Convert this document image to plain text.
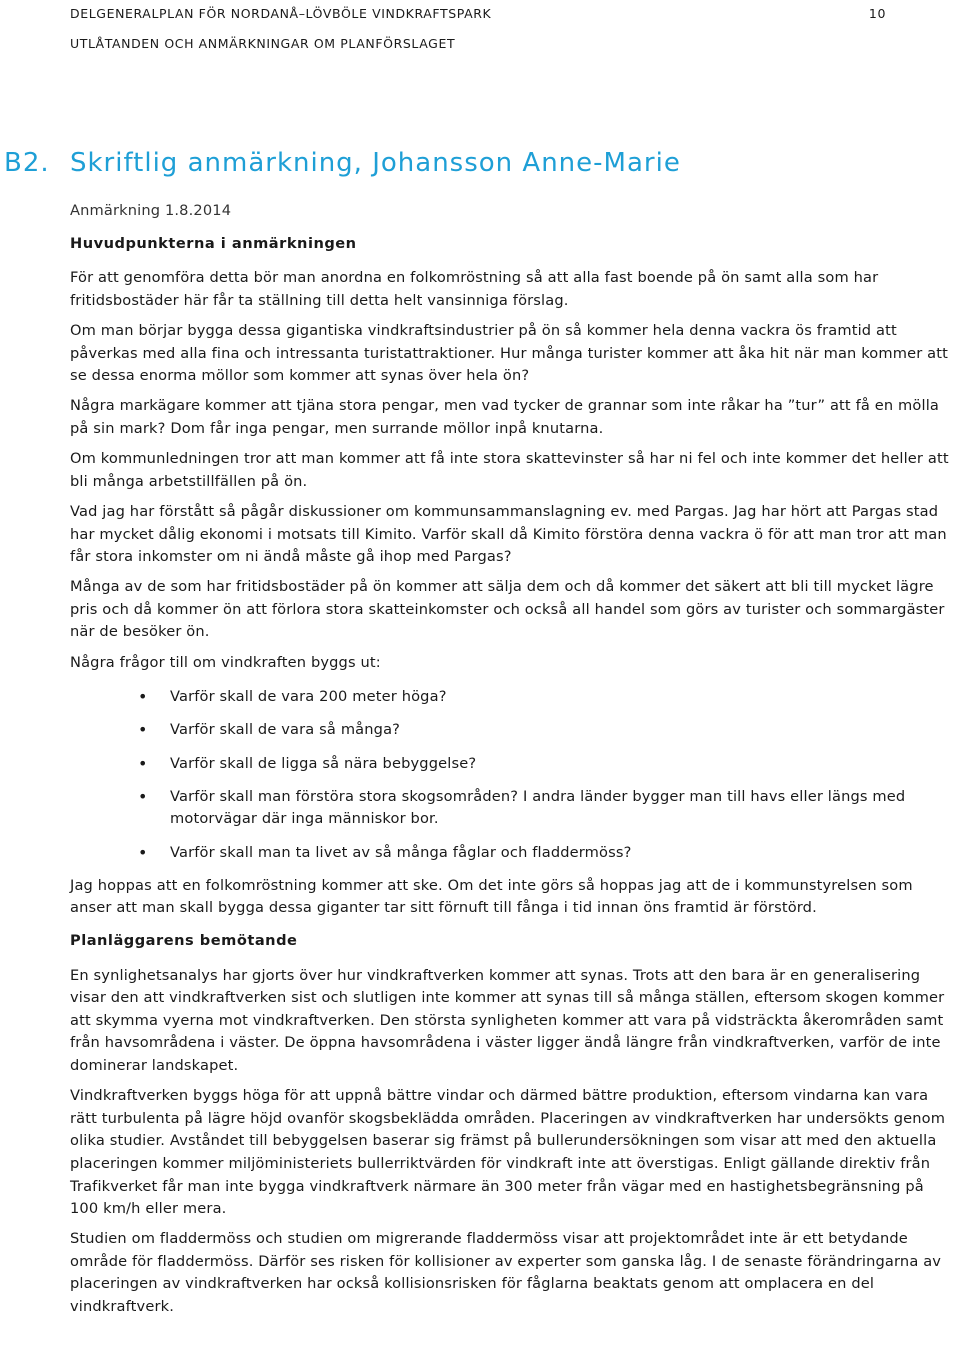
DELGENERALPLAN FÖR NORDANÅ–LÖVBÖLE VINDKRAFTSPARK	10
UTLÅTANDEN OCH ANMÄRKNINGAR OM PLANFÖRSLAGET
B2. Skriftlig anmärkning, Johansson Anne-Marie

Anmärkning 1.8.2014

Huvudpunkterna i anmärkningen

För att genomföra detta bör man anordna en folkomröstning så att alla fast boende på ön samt alla som har fritidsbostäder här får ta ställning till detta helt vansinniga förslag.

Om man börjar bygga dessa gigantiska vindkraftsindustrier på ön så kommer hela denna vackra ös framtid att påverkas med alla fina och intressanta turistattraktioner. Hur många turister kommer att åka hit när man kommer att se dessa enorma möllor som kommer att synas över hela ön?

Några markägare kommer att tjäna stora pengar, men vad tycker de grannar som inte råkar ha ”tur” att få en mölla på sin mark? Dom får inga pengar, men surrande möllor inpå knutarna.

Om kommunledningen tror att man kommer att få inte stora skattevinster så har ni fel och inte kommer det heller att bli många arbetstillfällen på ön.

Vad jag har förstått så pågår diskussioner om kommunsammanslagning ev. med Pargas. Jag har hört att Pargas stad har mycket dålig ekonomi i motsats till Kimito. Varför skall då Kimito förstöra denna vackra ö för att man tror att man får stora inkomster om ni ändå måste gå ihop med Pargas?

Många av de som har fritidsbostäder på ön kommer att sälja dem och då kommer det säkert att bli till mycket lägre pris och då kommer ön att förlora stora skatteinkomster och också all handel som görs av turister och sommargäster när de besöker ön.

Några frågor till om vindkraften byggs ut:

• Varför skall de vara 200 meter höga?
• Varför skall de vara så många?
• Varför skall de ligga så nära bebyggelse?
• Varför skall man förstöra stora skogsområden? I andra länder bygger man till havs eller längs med motorvägar där inga människor bor.
• Varför skall man ta livet av så många fåglar och fladdermöss?

Jag hoppas att en folkomröstning kommer att ske. Om det inte görs så hoppas jag att de i kommunstyrelsen som anser att man skall bygga dessa giganter tar sitt förnuft till fånga i tid innan öns framtid är förstörd.

Planläggarens bemötande

En synlighetsanalys har gjorts över hur vindkraftverken kommer att synas. Trots att den bara är en generalisering visar den att vindkraftverken sist och slutligen inte kommer att synas till så många ställen, eftersom skogen kommer att skymma vyerna mot vindkraftverken. Den största synligheten kommer att vara på vidsträckta åkerområden samt från havsområdena i väster. De öppna havsområdena i väster ligger ändå längre från vindkraftverken, varför de inte dominerar landskapet.

Vindkraftverken byggs höga för att uppnå bättre vindar och därmed bättre produktion, eftersom vindarna kan vara rätt turbulenta på lägre höjd ovanför skogsbeklädda områden. Placeringen av vindkraftverken har undersökts genom olika studier. Avståndet till bebyggelsen baserar sig främst på bullerundersökningen som visar att med den aktuella placeringen kommer miljöministeriets bullerriktvärden för vindkraft inte att överstigas. Enligt gällande direktiv från Trafikverket får man inte bygga vindkraftverk närmare än 300 meter från vägar med en hastighetsbegränsning på 100 km/h eller mera.

Studien om fladdermöss och studien om migrerande fladdermöss visar att projektområdet inte är ett betydande område för fladdermöss. Därför ses risken för kollisioner av experter som ganska låg. I de senaste förändringarna av placeringen av vindkraftverken har också kollisionsrisken för fåglarna beaktats genom att omplacera en del vindkraftverk.
